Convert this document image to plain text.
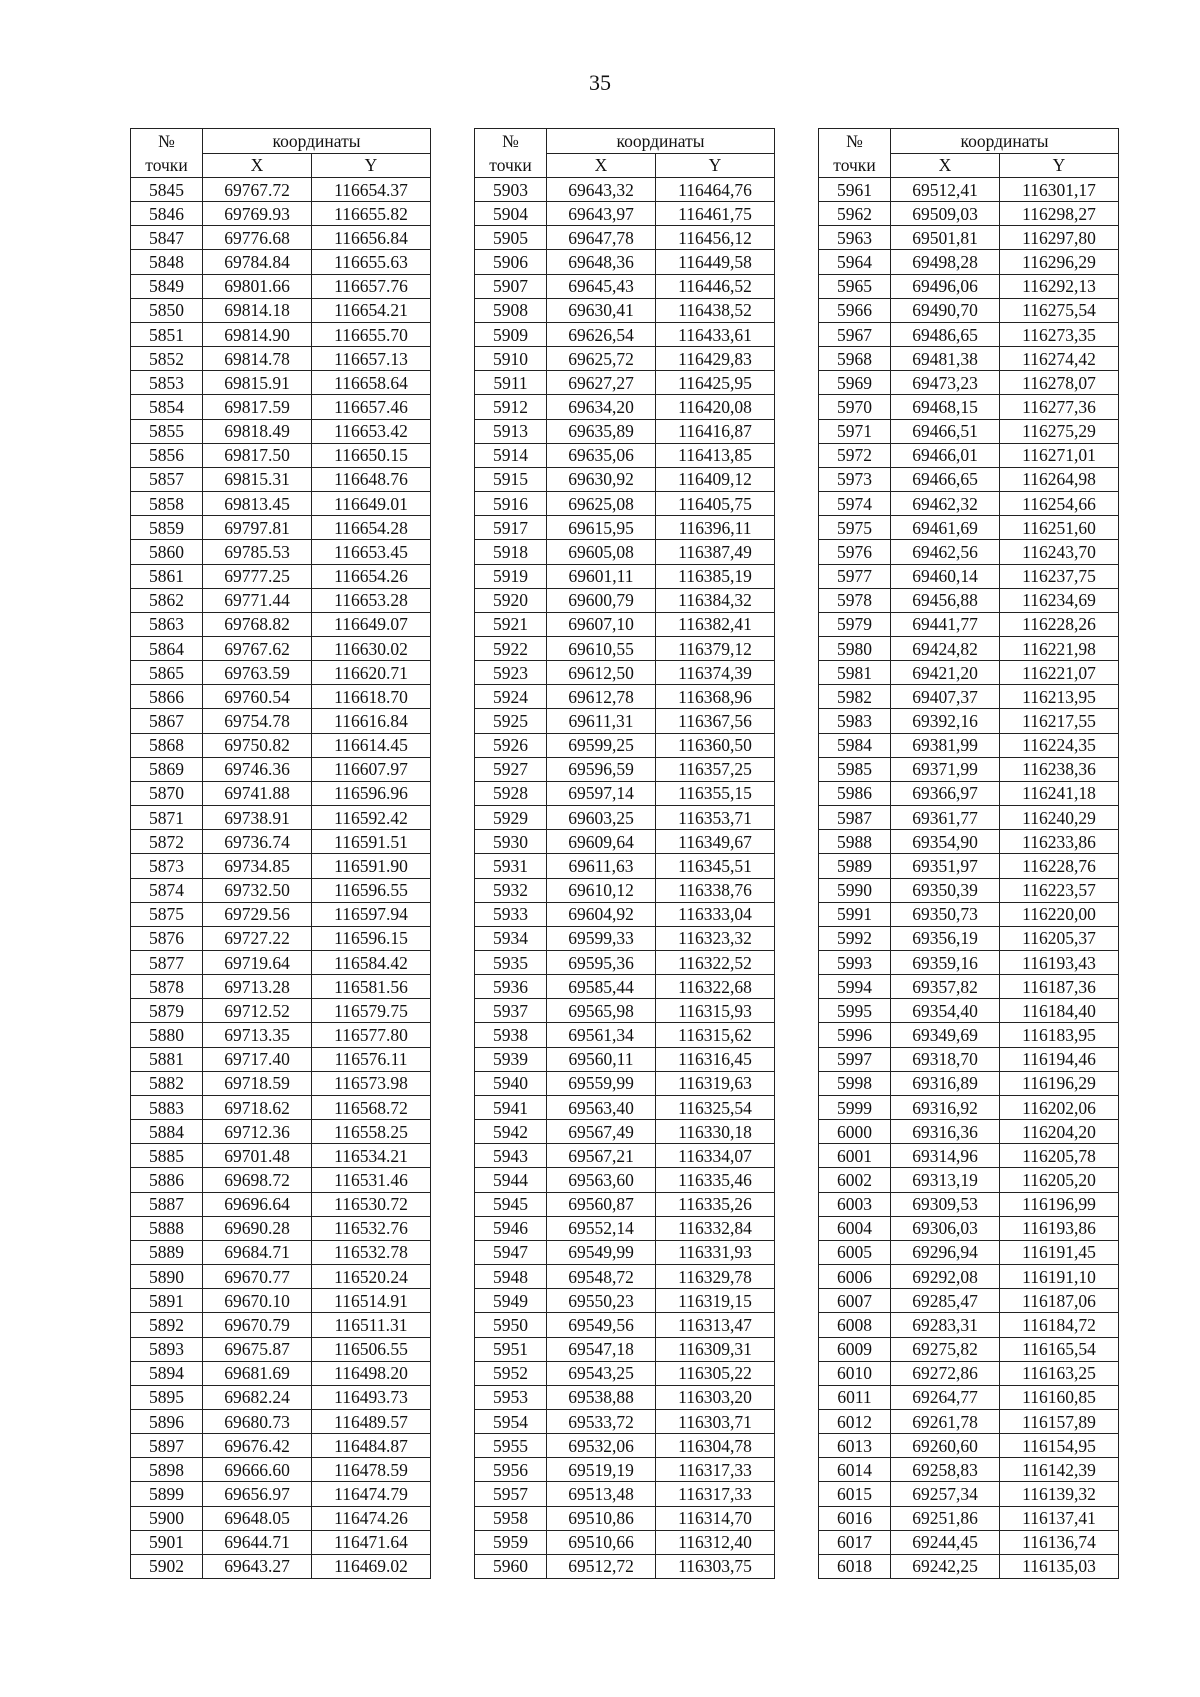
35
№	координаты	
точки	X	Y
5845	69767.72	116654.37
5846	69769.93	116655.82
5847	69776.68	116656.84
5848	69784.84	116655.63
5849	69801.66	116657.76
5850	69814.18	116654.21
5851	69814.90	116655.70
5852	69814.78	116657.13
5853	69815.91	116658.64
5854	69817.59	116657.46
5855	69818.49	116653.42
5856	69817.50	116650.15
5857	69815.31	116648.76
5858	69813.45	116649.01
5859	69797.81	116654.28
5860	69785.53	116653.45
5861	69777.25	116654.26
5862	69771.44	116653.28
5863	69768.82	116649.07
5864	69767.62	116630.02
5865	69763.59	116620.71
5866	69760.54	116618.70
5867	69754.78	116616.84
5868	69750.82	116614.45
5869	69746.36	116607.97
5870	69741.88	116596.96
5871	69738.91	116592.42
5872	69736.74	116591.51
5873	69734.85	116591.90
5874	69732.50	116596.55
5875	69729.56	116597.94
5876	69727.22	116596.15
5877	69719.64	116584.42
5878	69713.28	116581.56
5879	69712.52	116579.75
5880	69713.35	116577.80
5881	69717.40	116576.11
5882	69718.59	116573.98
5883	69718.62	116568.72
5884	69712.36	116558.25
5885	69701.48	116534.21
5886	69698.72	116531.46
5887	69696.64	116530.72
5888	69690.28	116532.76
5889	69684.71	116532.78
5890	69670.77	116520.24
5891	69670.10	116514.91
5892	69670.79	116511.31
5893	69675.87	116506.55
5894	69681.69	116498.20
5895	69682.24	116493.73
5896	69680.73	116489.57
5897	69676.42	116484.87
5898	69666.60	116478.59
5899	69656.97	116474.79
5900	69648.05	116474.26
5901	69644.71	116471.64
5902	69643.27	116469.02
№	координаты	
точки	X	Y
5903	69643,32	116464,76
5904	69643,97	116461,75
5905	69647,78	116456,12
5906	69648,36	116449,58
5907	69645,43	116446,52
5908	69630,41	116438,52
5909	69626,54	116433,61
5910	69625,72	116429,83
5911	69627,27	116425,95
5912	69634,20	116420,08
5913	69635,89	116416,87
5914	69635,06	116413,85
5915	69630,92	116409,12
5916	69625,08	116405,75
5917	69615,95	116396,11
5918	69605,08	116387,49
5919	69601,11	116385,19
5920	69600,79	116384,32
5921	69607,10	116382,41
5922	69610,55	116379,12
5923	69612,50	116374,39
5924	69612,78	116368,96
5925	69611,31	116367,56
5926	69599,25	116360,50
5927	69596,59	116357,25
5928	69597,14	116355,15
5929	69603,25	116353,71
5930	69609,64	116349,67
5931	69611,63	116345,51
5932	69610,12	116338,76
5933	69604,92	116333,04
5934	69599,33	116323,32
5935	69595,36	116322,52
5936	69585,44	116322,68
5937	69565,98	116315,93
5938	69561,34	116315,62
5939	69560,11	116316,45
5940	69559,99	116319,63
5941	69563,40	116325,54
5942	69567,49	116330,18
5943	69567,21	116334,07
5944	69563,60	116335,46
5945	69560,87	116335,26
5946	69552,14	116332,84
5947	69549,99	116331,93
5948	69548,72	116329,78
5949	69550,23	116319,15
5950	69549,56	116313,47
5951	69547,18	116309,31
5952	69543,25	116305,22
5953	69538,88	116303,20
5954	69533,72	116303,71
5955	69532,06	116304,78
5956	69519,19	116317,33
5957	69513,48	116317,33
5958	69510,86	116314,70
5959	69510,66	116312,40
5960	69512,72	116303,75
№	координаты	
точки	X	Y
5961	69512,41	116301,17
5962	69509,03	116298,27
5963	69501,81	116297,80
5964	69498,28	116296,29
5965	69496,06	116292,13
5966	69490,70	116275,54
5967	69486,65	116273,35
5968	69481,38	116274,42
5969	69473,23	116278,07
5970	69468,15	116277,36
5971	69466,51	116275,29
5972	69466,01	116271,01
5973	69466,65	116264,98
5974	69462,32	116254,66
5975	69461,69	116251,60
5976	69462,56	116243,70
5977	69460,14	116237,75
5978	69456,88	116234,69
5979	69441,77	116228,26
5980	69424,82	116221,98
5981	69421,20	116221,07
5982	69407,37	116213,95
5983	69392,16	116217,55
5984	69381,99	116224,35
5985	69371,99	116238,36
5986	69366,97	116241,18
5987	69361,77	116240,29
5988	69354,90	116233,86
5989	69351,97	116228,76
5990	69350,39	116223,57
5991	69350,73	116220,00
5992	69356,19	116205,37
5993	69359,16	116193,43
5994	69357,82	116187,36
5995	69354,40	116184,40
5996	69349,69	116183,95
5997	69318,70	116194,46
5998	69316,89	116196,29
5999	69316,92	116202,06
6000	69316,36	116204,20
6001	69314,96	116205,78
6002	69313,19	116205,20
6003	69309,53	116196,99
6004	69306,03	116193,86
6005	69296,94	116191,45
6006	69292,08	116191,10
6007	69285,47	116187,06
6008	69283,31	116184,72
6009	69275,82	116165,54
6010	69272,86	116163,25
6011	69264,77	116160,85
6012	69261,78	116157,89
6013	69260,60	116154,95
6014	69258,83	116142,39
6015	69257,34	116139,32
6016	69251,86	116137,41
6017	69244,45	116136,74
6018	69242,25	116135,03
